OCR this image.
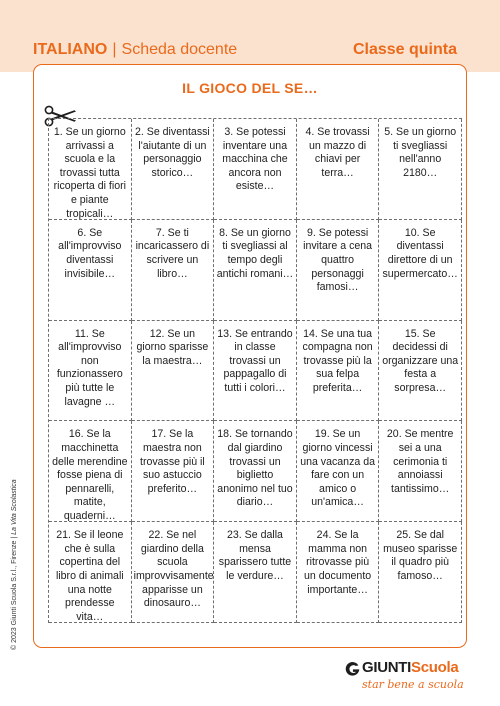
ITALIANO | Scheda docente	Classe quinta
IL GIOCO DEL SE…
1. Se un giorno arrivassi a scuola e la trovassi tutta ricoperta di fiori e piante tropicali…
2. Se diventassi l'aiutante di un personaggio storico…
3. Se potessi inventare una macchina che ancora non esiste…
4. Se trovassi un mazzo di chiavi per terra…
5. Se un giorno ti svegliassi nell'anno 2180…
6. Se all'improvviso diventassi invisibile…
7. Se ti incaricassero di scrivere un libro…
8. Se un giorno ti svegliassi al tempo degli antichi romani…
9. Se potessi invitare a cena quattro personaggi famosi…
10. Se diventassi direttore di un supermercato…
11. Se all'improvviso non funzionassero più tutte le lavagne …
12. Se un giorno sparisse la maestra…
13. Se entrando in classe trovassi un pappagallo di tutti i colori…
14. Se una tua compagna non trovasse più la sua felpa preferita…
15. Se decidessi di organizzare una festa a sorpresa…
16. Se la macchinetta delle merendine fosse piena di pennarelli, matite, quaderni…
17. Se la maestra non trovasse più il suo astuccio preferito…
18. Se tornando dal giardino trovassi un biglietto anonimo nel tuo diario…
19. Se un giorno vincessi una vacanza da fare con un amico o un'amica…
20. Se mentre sei a una cerimonia ti annoiassi tantissimo…
21. Se il leone che è sulla copertina del libro di animali una notte prendesse vita…
22. Se nel giardino della scuola improvvisamente apparisse un dinosauro…
23. Se dalla mensa sparissero tutte le verdure…
24. Se la mamma non ritrovasse più un documento importante…
25. Se dal museo sparisse il quadro più famoso…
© 2023 Giunti Scuola S.r.l., Firenze | La Vita Scolastica
GIUNTIScuola
star bene a scuola
